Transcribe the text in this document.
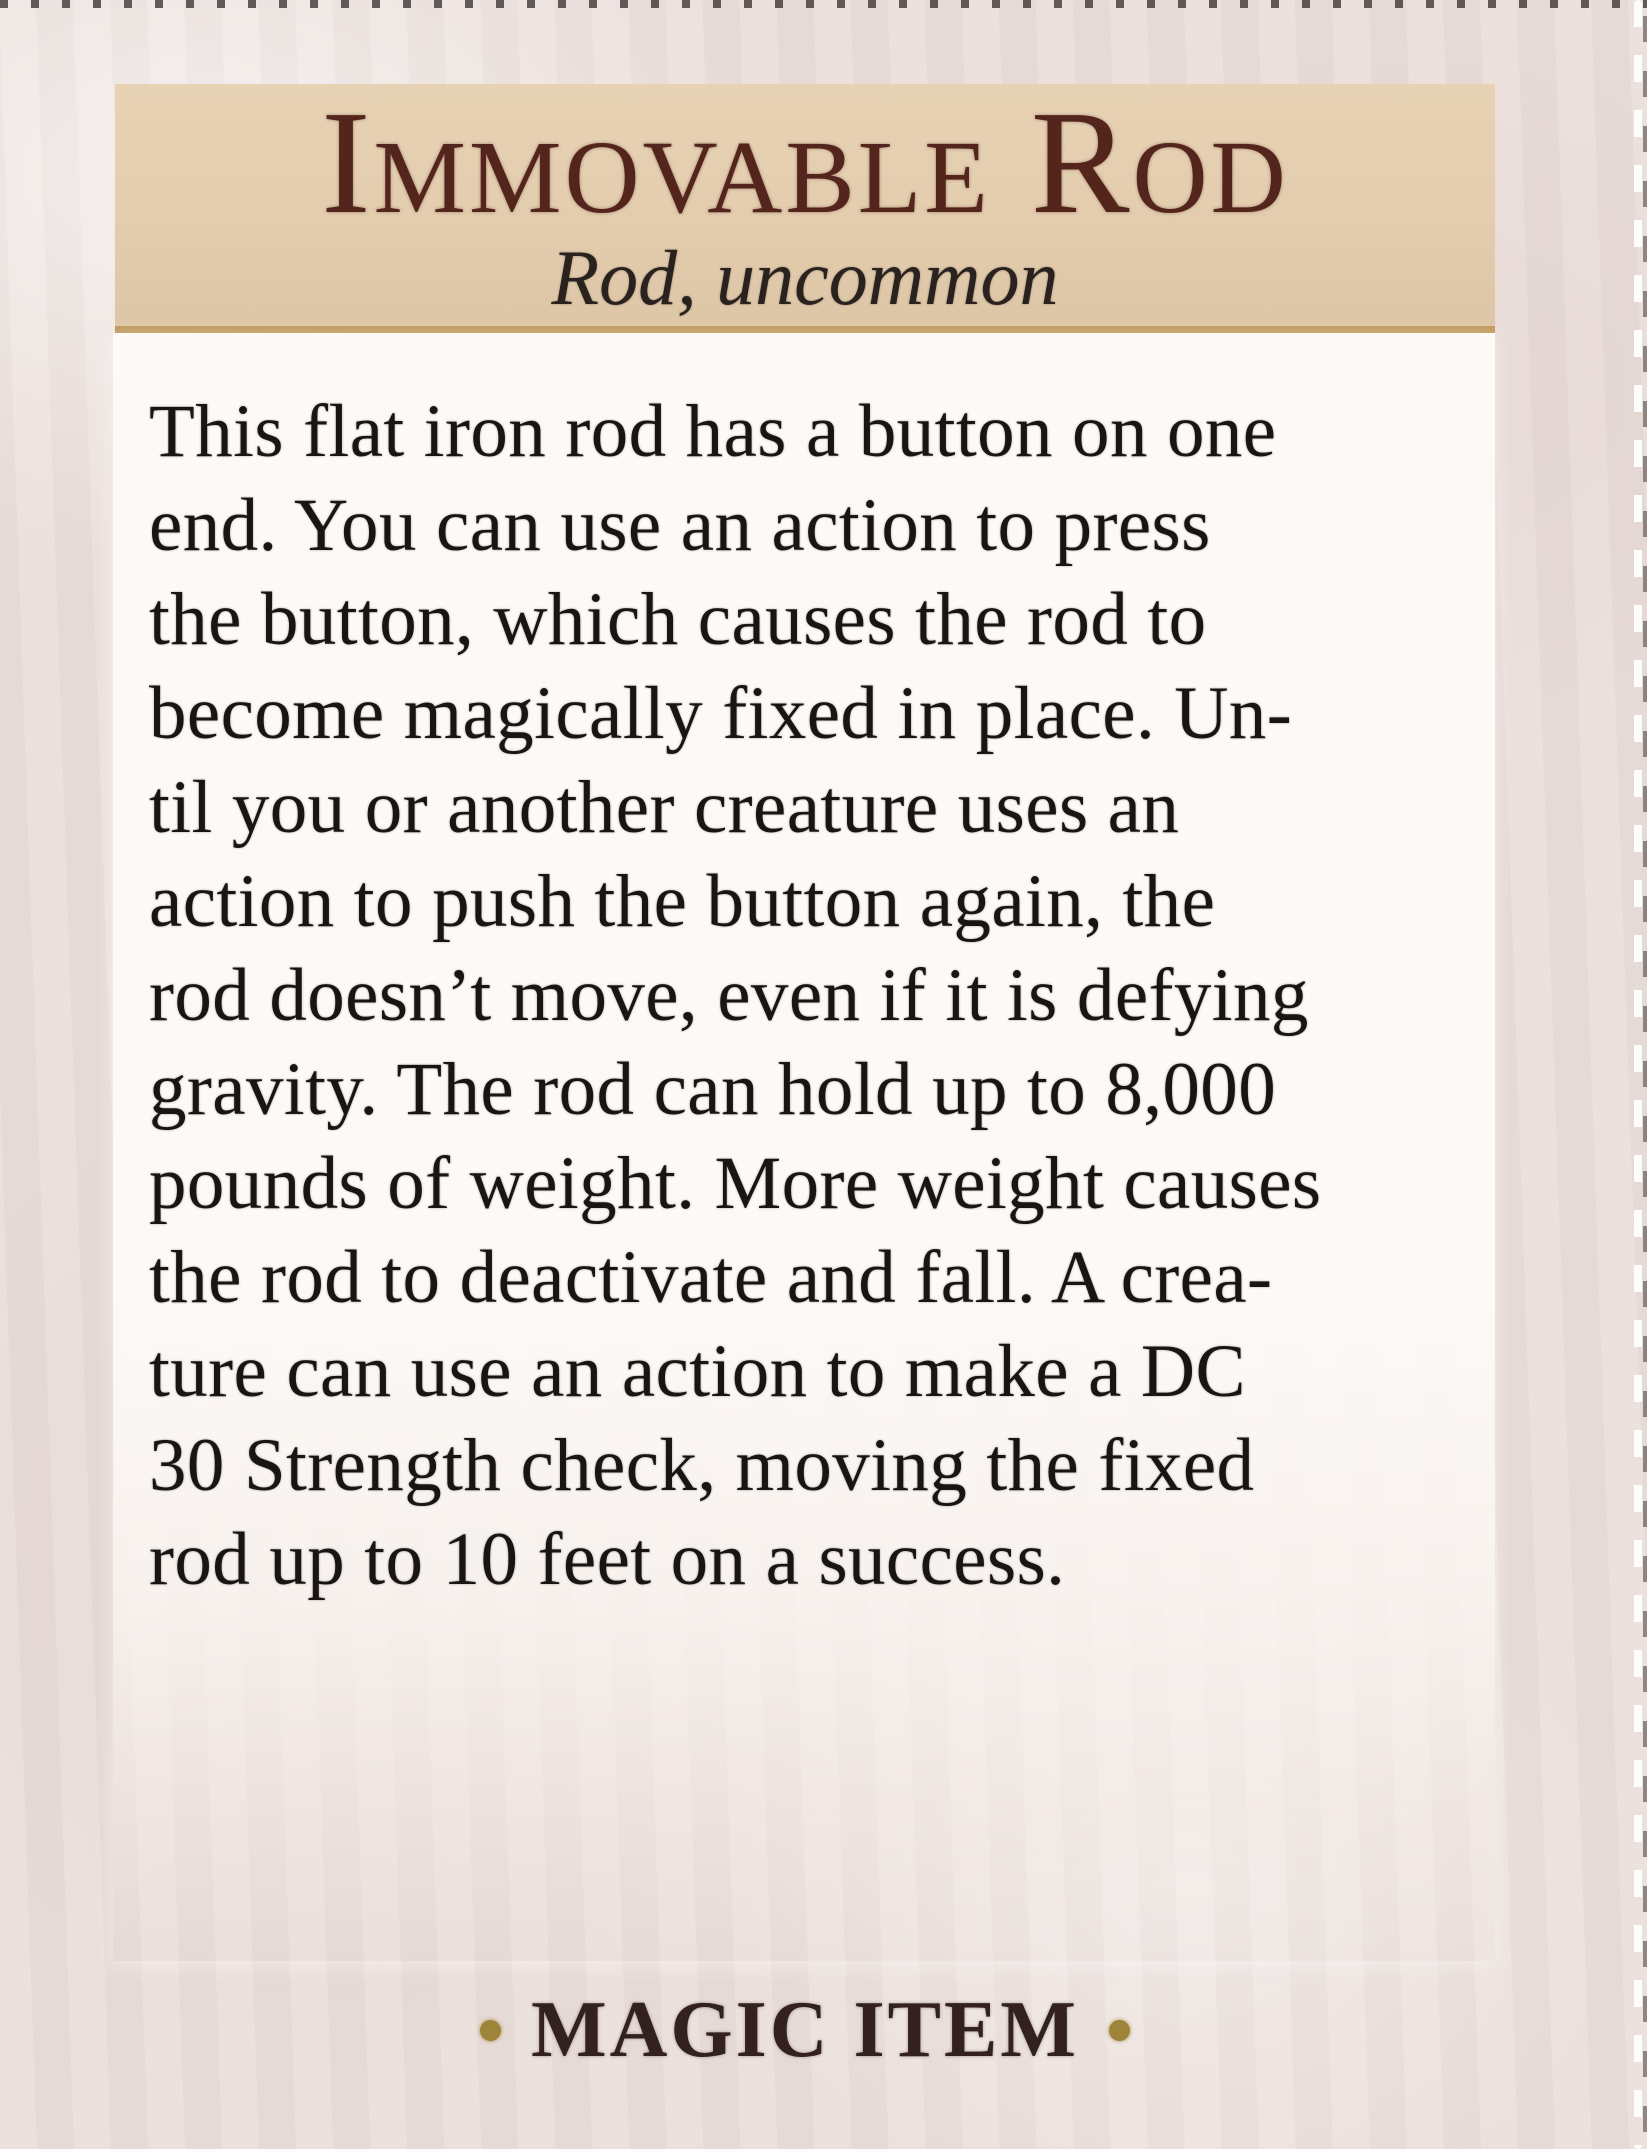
Immovable Rod
Rod, uncommon
This flat iron rod has a button on one
end. You can use an action to press
the button, which causes the rod to
become magically fixed in place. Un-
til you or another creature uses an
action to push the button again, the
rod doesn’t move, even if it is defying
gravity. The rod can hold up to 8,000
pounds of weight. More weight causes
the rod to deactivate and fall. A crea-
ture can use an action to make a DC
30 Strength check, moving the fixed
rod up to 10 feet on a success.
MAGIC ITEM
